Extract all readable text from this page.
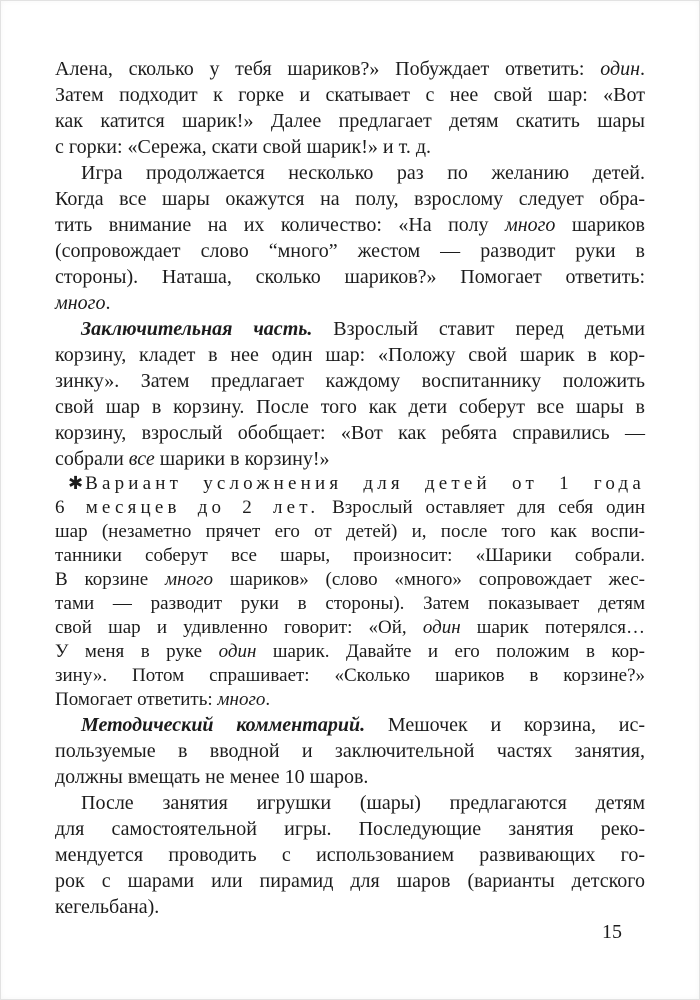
Алена, сколько у тебя шариков?» Побуждает ответить: один.
Затем подходит к горке и скатывает с нее свой шар: «Вот
как катится шарик!» Далее предлагает детям скатить шары
с горки: «Сережа, скати свой шарик!» и т. д.
Игра продолжается несколько раз по желанию детей.
Когда все шары окажутся на полу, взрослому следует обра-
тить внимание на их количество: «На полу много шариков
(сопровождает слово “много” жестом — разводит руки в
стороны). Наташа, сколько шариков?» Помогает ответить:
много.
Заключительная часть. Взрослый ставит перед детьми
корзину, кладет в нее один шар: «Положу свой шарик в кор-
зинку». Затем предлагает каждому воспитаннику положить
свой шар в корзину. После того как дети соберут все шары в
корзину, взрослый обобщает: «Вот как ребята справились —
собрали все шарики в корзину!»
✱ Вариант усложнения для детей от 1 года
6 месяцев до 2 лет. Взрослый оставляет для себя один
шар (незаметно прячет его от детей) и, после того как воспи-
танники соберут все шары, произносит: «Шарики собрали.
В корзине много шариков» (слово «много» сопровождает жес-
тами — разводит руки в стороны). Затем показывает детям
свой шар и удивленно говорит: «Ой, один шарик потерялся…
У меня в руке один шарик. Давайте и его положим в кор-
зину». Потом спрашивает: «Сколько шариков в корзине?»
Помогает ответить: много.
Методический комментарий. Мешочек и корзина, ис-
пользуемые в вводной и заключительной частях занятия,
должны вмещать не менее 10 шаров.
После занятия игрушки (шары) предлагаются детям
для самостоятельной игры. Последующие занятия реко-
мендуется проводить с использованием развивающих го-
рок с шарами или пирамид для шаров (варианты детского
кегельбана).
15
